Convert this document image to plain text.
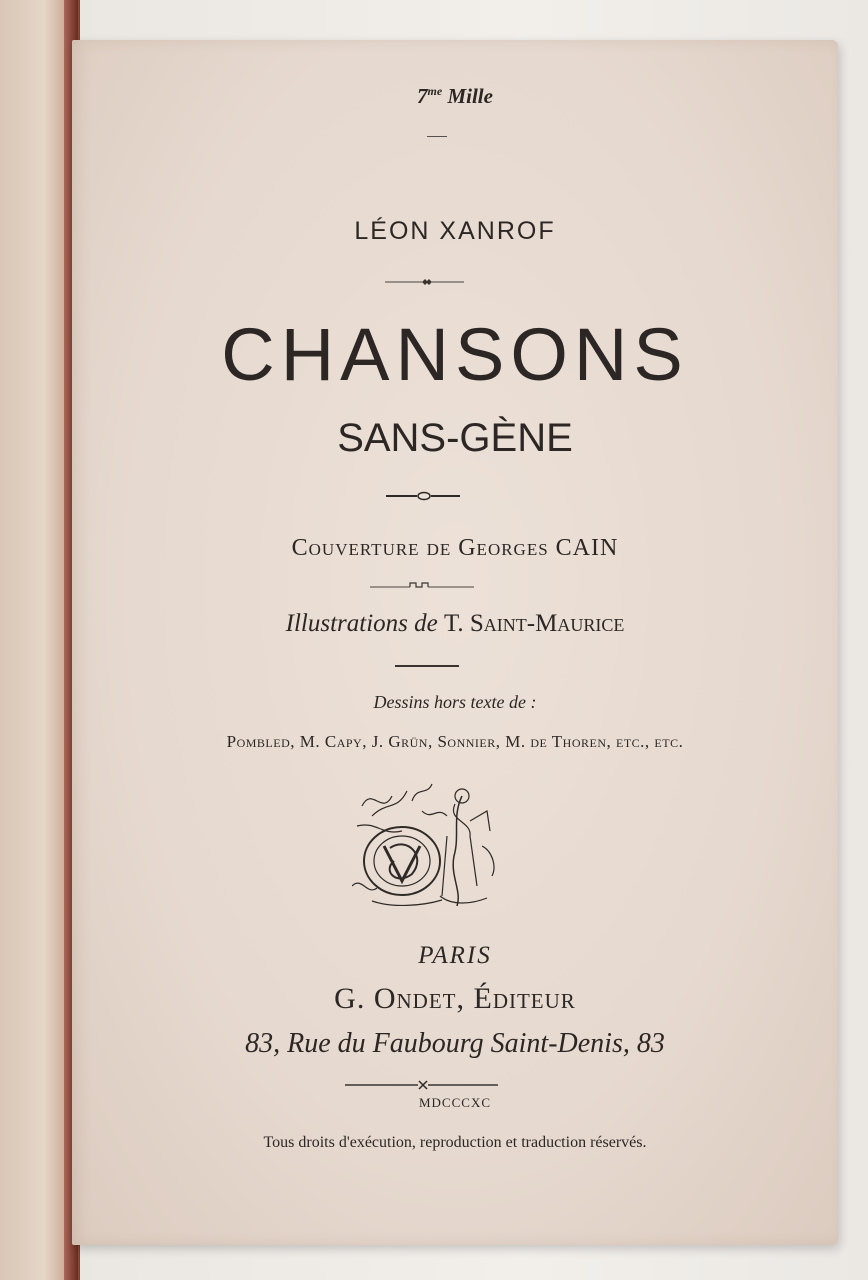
$7^{me}$ Mille
LÉON XANROF
CHANSONS
SANS-GÈNE
Couverture de Georges CAIN
Illustrations de T. Saint-Maurice
Dessins hors texte de :
Pombled, M. Capy, J. Grün, Sonnier, M. de Thoren, etc., etc.
PARIS
G. Ondet, Éditeur
83, Rue du Faubourg Saint-Denis, 83
MDCCCXC
Tous droits d'exécution, reproduction et traduction réservés.
